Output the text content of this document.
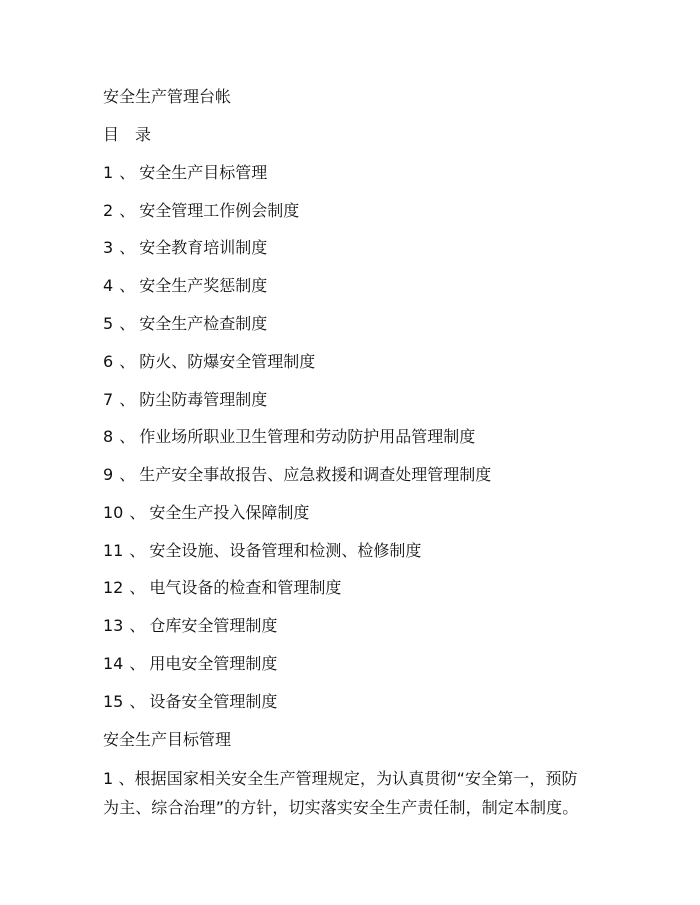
安全生产管理台帐
目　录
1 、 安全生产目标管理
2 、 安全管理工作例会制度
3 、 安全教育培训制度
4 、 安全生产奖惩制度
5 、 安全生产检查制度
6 、 防火、防爆安全管理制度
7 、 防尘防毒管理制度
8 、 作业场所职业卫生管理和劳动防护用品管理制度
9 、 生产安全事故报告、应急救援和调查处理管理制度
10 、 安全生产投入保障制度
11 、 安全设施、设备管理和检测、检修制度
12 、 电气设备的检查和管理制度
13 、 仓库安全管理制度
14 、 用电安全管理制度
15 、 设备安全管理制度
安全生产目标管理
1 、根据国家相关安全生产管理规定，为认真贯彻“安全第一，预防
为主、综合治理”的方针，切实落实安全生产责任制，制定本制度。
